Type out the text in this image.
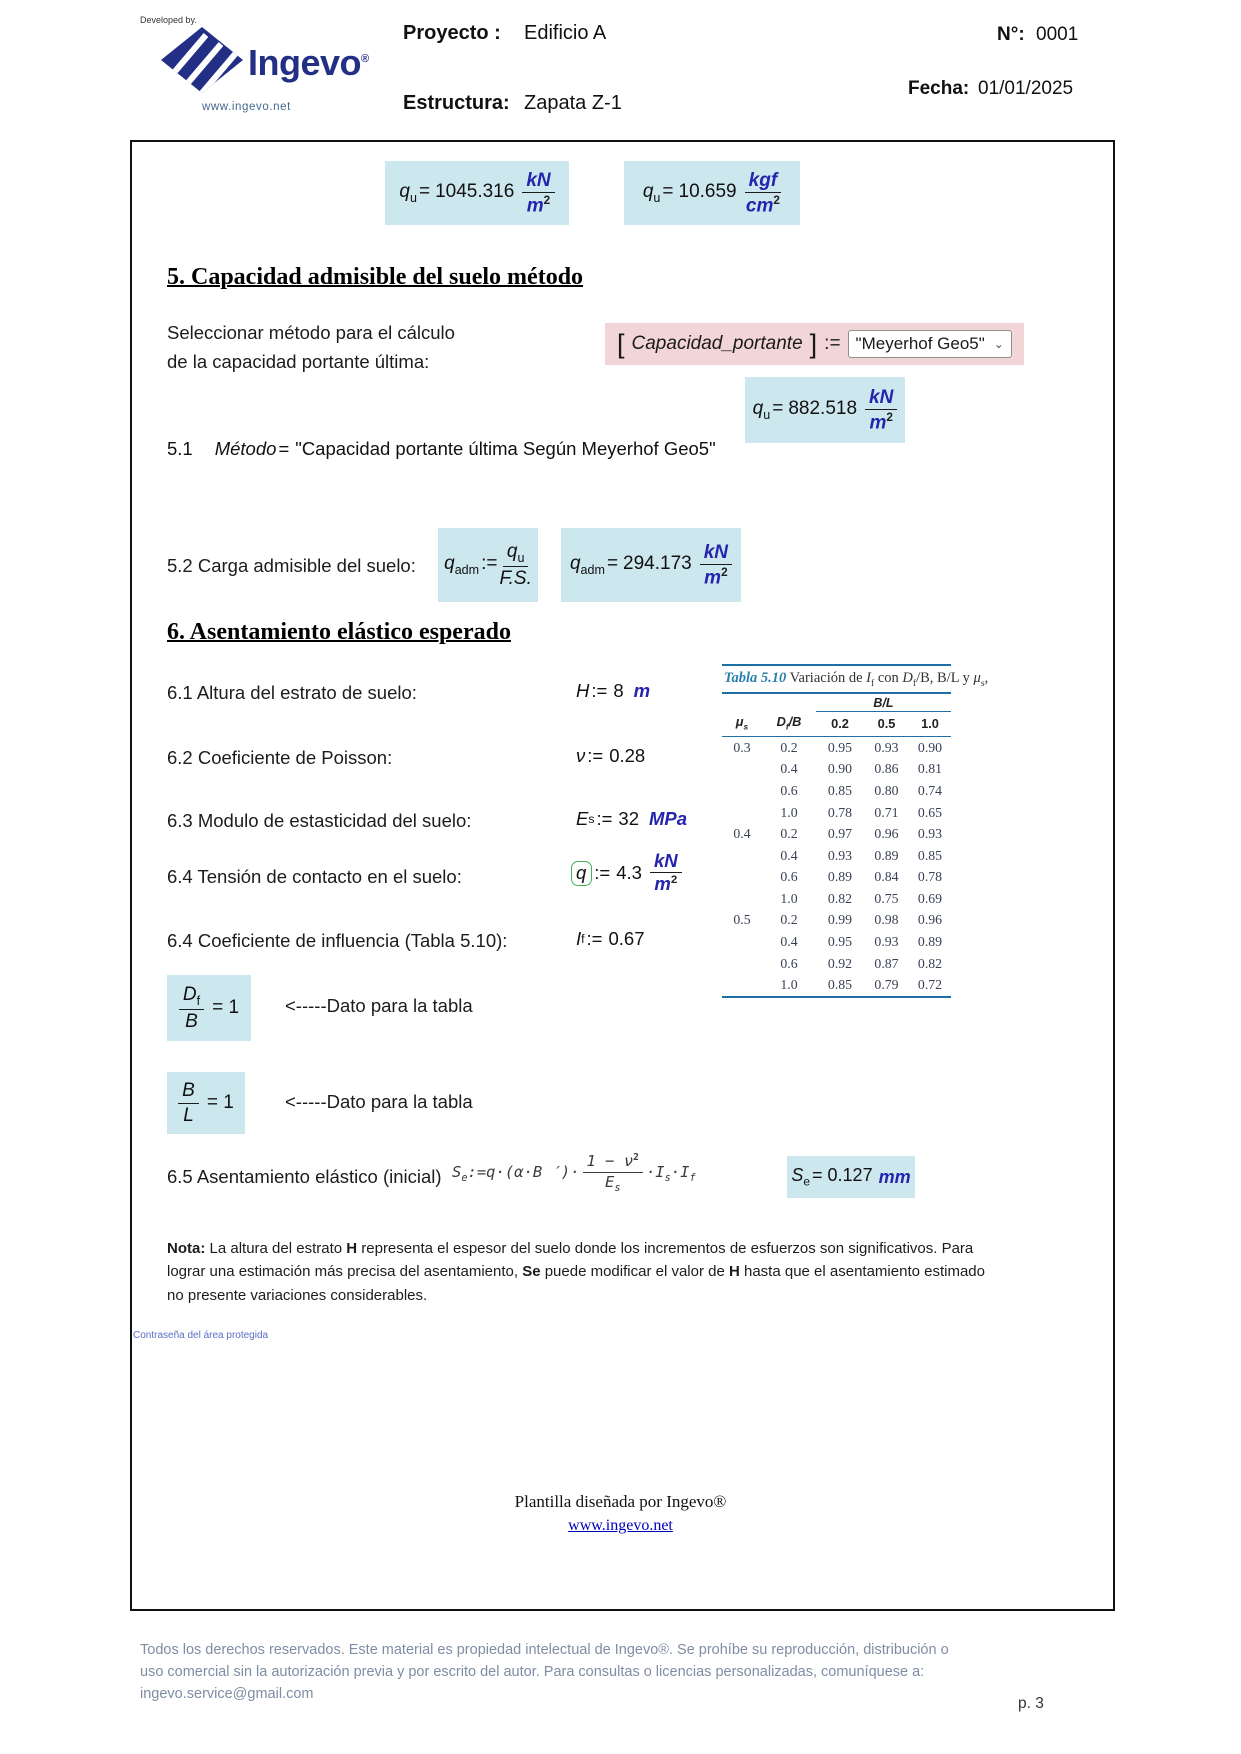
Developed by.
Ingevo®
www.ingevo.net
Proyecto : Edificio A
Estructura: Zapata Z-1
N°: 0001
Fecha: 01/01/2025
$q_u = 1045.316 \frac{kN}{m^2}$	$q_u = 10.659 \frac{\text{kgf}}{cm^2}$
5. Capacidad admisible del suelo método
Seleccionar método para el cálculo
de la capacidad portante última:
[ Capacidad_portante ] := "Meyerhof Geo5" ⌄
5.1 Método = "Capacidad portante última Según Meyerhof Geo5"
$q_u = 882.518 \frac{kN}{m^2}$
5.2 Carga admisible del suelo: $q_{adm}$ := $\frac{q_u}{F.S.} q_{adm} = 294.173 \frac{kN}{m^2}$
6. Asentamiento elástico esperado
6.1 Altura del estrato de suelo:	H := 8 m
6.2 Coeficiente de Poisson:	ν := 0.28
6.3 Modulo de estasticidad del suelo:	E s := 32 MPa
6.4 Tensión de contacto en el suelo:	q := $4.3 \frac{kN}{m^2}$
6.4 Coeficiente de influencia (Tabla 5.10):	I f := 0.67
Tabla 5.10 Variación de $I_f$ con $D_f/B$, B/L y $\mu_s$,
		B/L		
$\mu_s$	$D_f/B$	0.2	0.5	1.0
0.3	0.2	0.95	0.93	0.90
	0.4	0.90	0.86	0.81
	0.6	0.85	0.80	0.74
	1.0	0.78	0.71	0.65
0.4	0.2	0.97	0.96	0.93
	0.4	0.93	0.89	0.85
	0.6	0.89	0.84	0.78
	1.0	0.82	0.75	0.69
0.5	0.2	0.99	0.98	0.96
	0.4	0.95	0.93	0.89
	0.6	0.92	0.87	0.82
	1.0	0.85	0.79	0.72
$\frac{D_f}{B} = 1$ <-----Dato para la tabla
$\frac{B}{L} = 1$	<-----Dato para la tabla
6.5 Asentamiento elástico (inicial) $S_e:=q\cdot(\alpha\cdot B$ ′)· $\frac{1 - \nu^2}{E_s} \cdot I_s\cdot I_f$	$S_e = 0.127$ mm
Nota: La altura del estrato H representa el espesor del suelo donde los incrementos de esfuerzos son significativos. Para lograr una estimación más precisa del asentamiento, Se puede modificar el valor de H hasta que el asentamiento estimado no presente variaciones considerables.
Contraseña del área protegida
Plantilla diseñada por Ingevo®
www.ingevo.net
Todos los derechos reservados. Este material es propiedad intelectual de Ingevo®. Se prohíbe su reproducción, distribución o
uso comercial sin la autorización previa y por escrito del autor. Para consultas o licencias personalizadas, comuníquese a:
ingevo.service@gmail.com
p. 3
